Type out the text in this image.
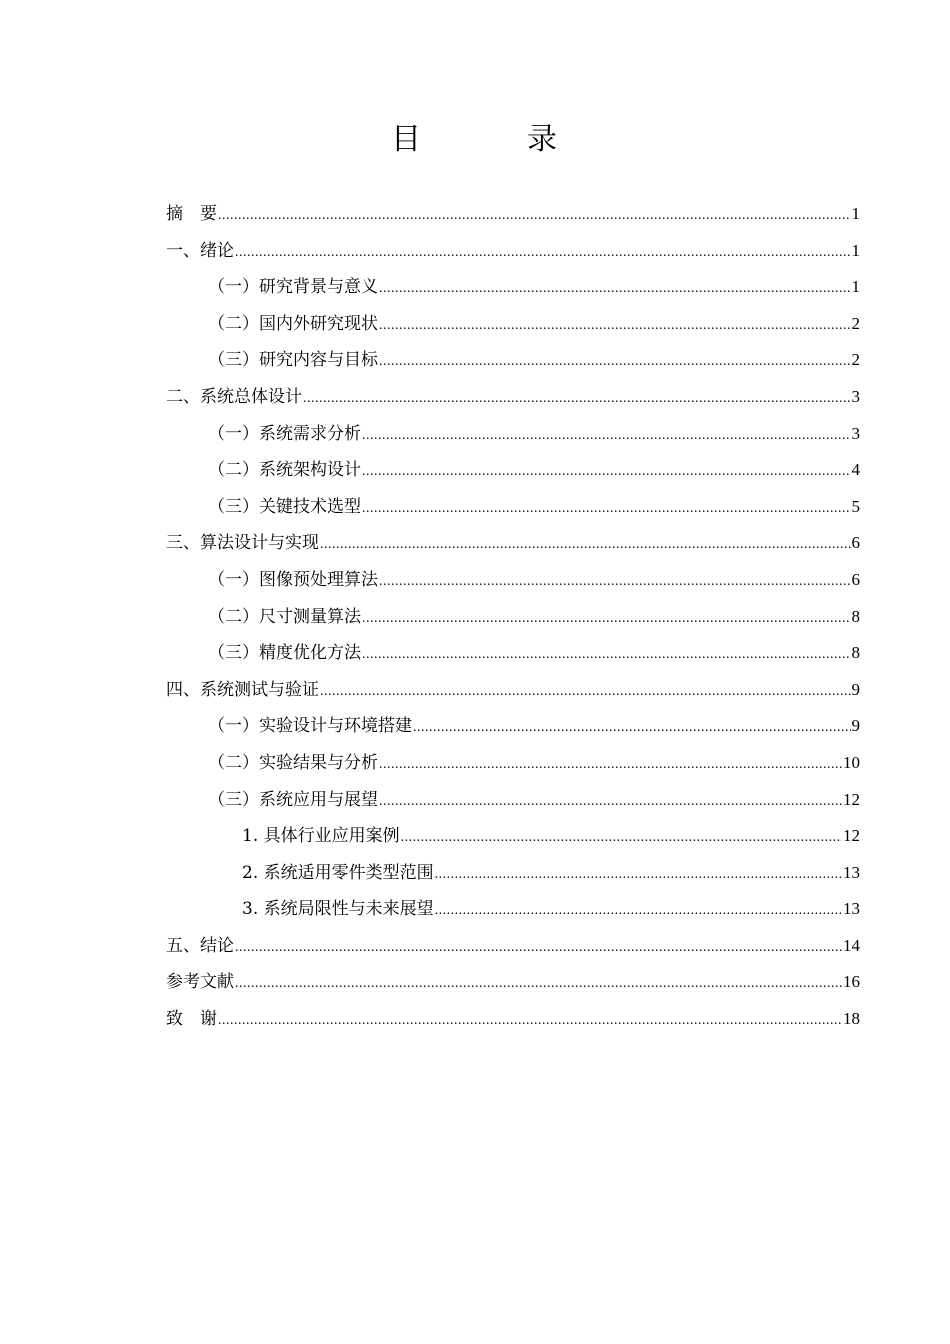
目　录
摘　要 .....	1
一、绪论 .....	1
（一）研究背景与意义 .....	1
（二）国内外研究现状 .....	2
（三）研究内容与目标 .....	2
二、系统总体设计 .....	3
（一）系统需求分析 .....	3
（二）系统架构设计 .....	4
（三）关键技术选型 .....	5
三、算法设计与实现 .....	6
（一）图像预处理算法 .....	6
（二）尺寸测量算法 .....	8
（三）精度优化方法 .....	8
四、系统测试与验证 .....	9
（一）实验设计与环境搭建 .....	9
（二）实验结果与分析 .....	10
（三）系统应用与展望 .....	12
1. 具体行业应用案例 .....	12
2. 系统适用零件类型范围 .....	13
3. 系统局限性与未来展望 .....	13
五、结论 .....	14
参考文献 .....	16
致　谢 .....	18
